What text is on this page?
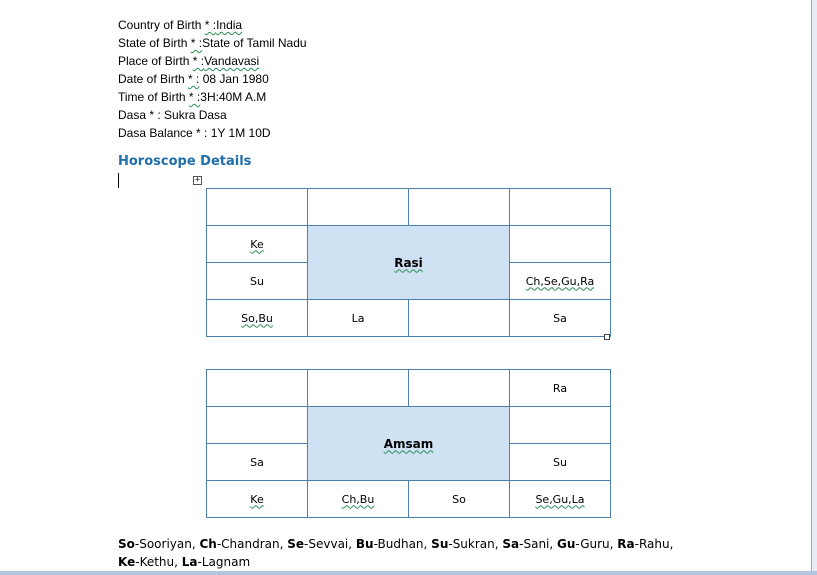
Country of Birth * :India
State of Birth * :State of Tamil Nadu
Place of Birth * :Vandavasi
Date of Birth * : 08 Jan 1980
Time of Birth * :3H:40M A.M
Dasa * : Sukra Dasa
Dasa Balance * : 1Y 1M 10D
Horoscope Details
+

Ke	Rasi		
Su			Ch,Se,Gu,Ra
So,Bu	La		Sa
			Ra
	Amsam		
Sa			Su
Ke	Ch,Bu	So	Se,Gu,La
So-Sooriyan, Ch-Chandran, Se-Sevvai, Bu-Budhan, Su-Sukran, Sa-Sani, Gu-Guru, Ra-Rahu,
Ke-Kethu, La-Lagnam
